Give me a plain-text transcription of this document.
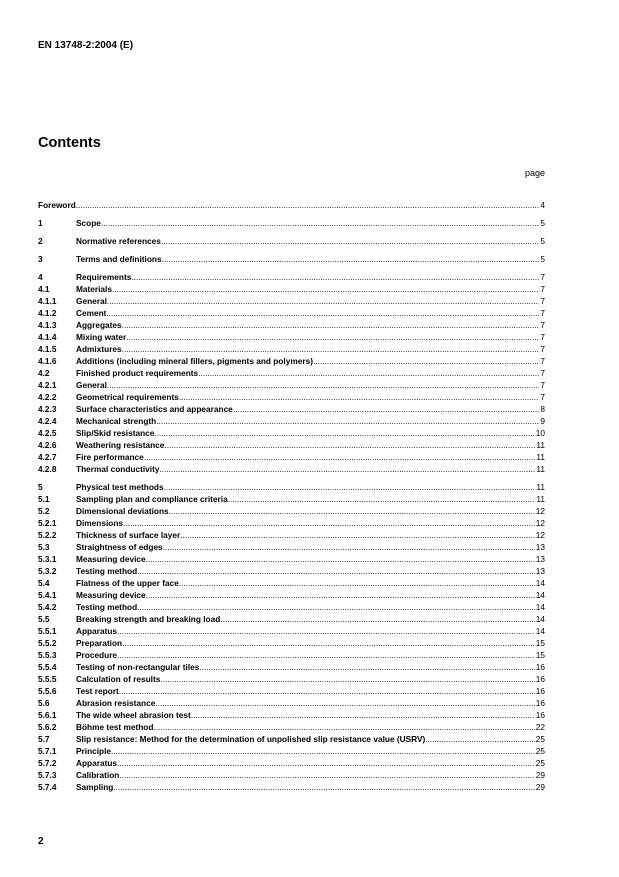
EN 13748-2:2004 (E)
Contents
page
Foreword .....	4
1	Scope .....	5
2	Normative references .....	5
3	Terms and definitions .....	5
4	Requirements .....	7
4.1	Materials .....	7
4.1.1	General .....	7
4.1.2	Cement .....	7
4.1.3	Aggregates .....	7
4.1.4	Mixing water .....	7
4.1.5	Admixtures .....	7
4.1.6	Additions (including mineral fillers, pigments and polymers) .....	7
4.2	Finished product requirements .....	7
4.2.1	General .....	7
4.2.2	Geometrical requirements .....	7
4.2.3	Surface characteristics and appearance .....	8
4.2.4	Mechanical strength .....	9
4.2.5	Slip/Skid resistance .....	10
4.2.6	Weathering resistance .....	11
4.2.7	Fire performance .....	11
4.2.8	Thermal conductivity .....	11
5	Physical test methods .....	11
5.1	Sampling plan and compliance criteria .....	11
5.2	Dimensional deviations .....	12
5.2.1	Dimensions .....	12
5.2.2	Thickness of surface layer .....	12
5.3	Straightness of edges .....	13
5.3.1	Measuring device .....	13
5.3.2	Testing method .....	13
5.4	Flatness of the upper face .....	14
5.4.1	Measuring device .....	14
5.4.2	Testing method .....	14
5.5	Breaking strength and breaking load .....	14
5.5.1	Apparatus .....	14
5.5.2	Preparation .....	15
5.5.3	Procedure .....	15
5.5.4	Testing of non-rectangular tiles .....	16
5.5.5	Calculation of results .....	16
5.5.6	Test report .....	16
5.6	Abrasion resistance .....	16
5.6.1	The wide wheel abrasion test .....	16
5.6.2	Böhme test method .....	22
5.7	Slip resistance: Method for the determination of unpolished slip resistance value (USRV) .....	25
5.7.1	Principle .....	25
5.7.2	Apparatus .....	25
5.7.3	Calibration .....	29
5.7.4	Sampling .....	29
2
